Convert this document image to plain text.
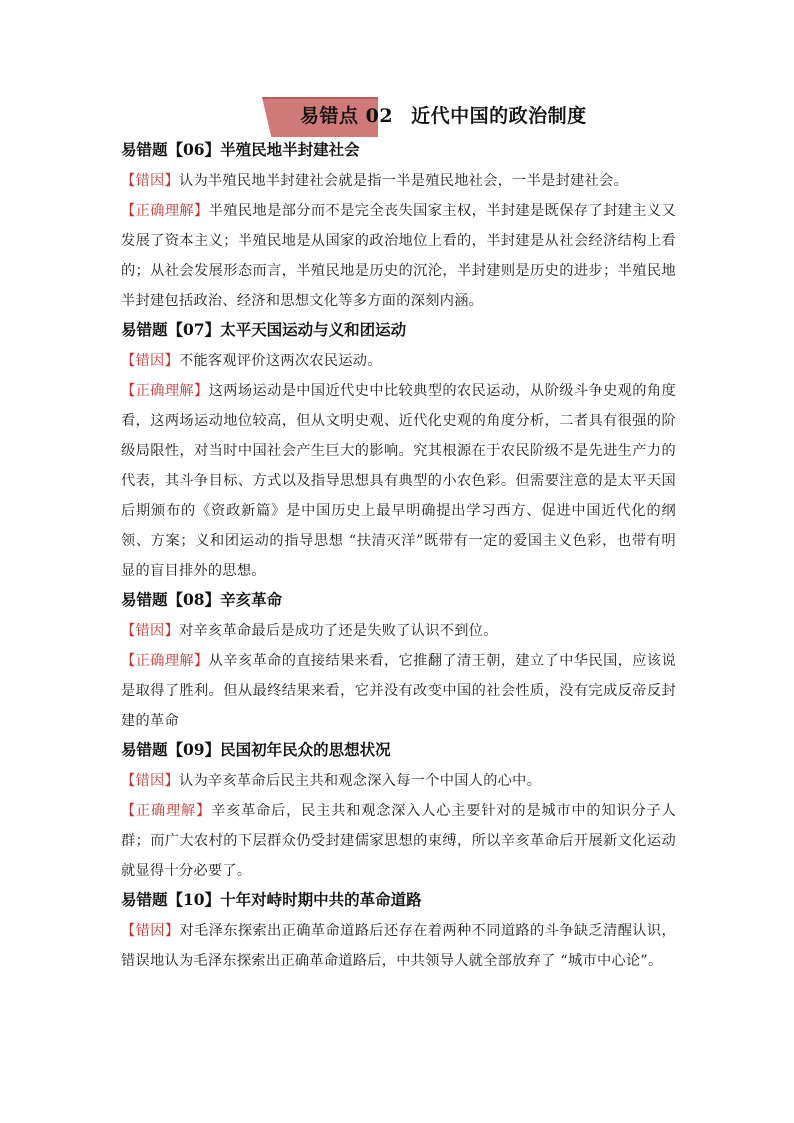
易错点 02 近代中国的政治制度
易错题【06】半殖民地半封建社会

【错因】认为半殖民地半封建社会就是指一半是殖民地社会，一半是封建社会。

【正确理解】半殖民地是部分而不是完全丧失国家主权，半封建是既保存了封建主义又发展了资本主义；半殖民地是从国家的政治地位上看的，半封建是从社会经济结构上看的；从社会发展形态而言，半殖民地是历史的沉沦，半封建则是历史的进步；半殖民地半封建包括政治、经济和思想文化等多方面的深刻内涵。

易错题【07】太平天国运动与义和团运动

【错因】不能客观评价这两次农民运动。

【正确理解】这两场运动是中国近代史中比较典型的农民运动，从阶级斗争史观的角度看，这两场运动地位较高，但从文明史观、近代化史观的角度分析，二者具有很强的阶级局限性，对当时中国社会产生巨大的影响。究其根源在于农民阶级不是先进生产力的代表，其斗争目标、方式以及指导思想具有典型的小农色彩。但需要注意的是太平天国后期颁布的《资政新篇》是中国历史上最早明确提出学习西方、促进中国近代化的纲领、方案；义和团运动的指导思想 “扶清灭洋”既带有一定的爱国主义色彩，也带有明显的盲目排外的思想。

易错题【08】辛亥革命

【错因】对辛亥革命最后是成功了还是失败了认识不到位。

【正确理解】从辛亥革命的直接结果来看，它推翻了清王朝，建立了中华民国，应该说是取得了胜利。但从最终结果来看，它并没有改变中国的社会性质，没有完成反帝反封建的革命

易错题【09】民国初年民众的思想状况

【错因】认为辛亥革命后民主共和观念深入每一个中国人的心中。

【正确理解】辛亥革命后，民主共和观念深入人心主要针对的是城市中的知识分子人群；而广大农村的下层群众仍受封建儒家思想的束缚，所以辛亥革命后开展新文化运动就显得十分必要了。

易错题【10】十年对峙时期中共的革命道路

【错因】对毛泽东探索出正确革命道路后还存在着两种不同道路的斗争缺乏清醒认识，错误地认为毛泽东探索出正确革命道路后，中共领导人就全部放弃了 “城市中心论”。
